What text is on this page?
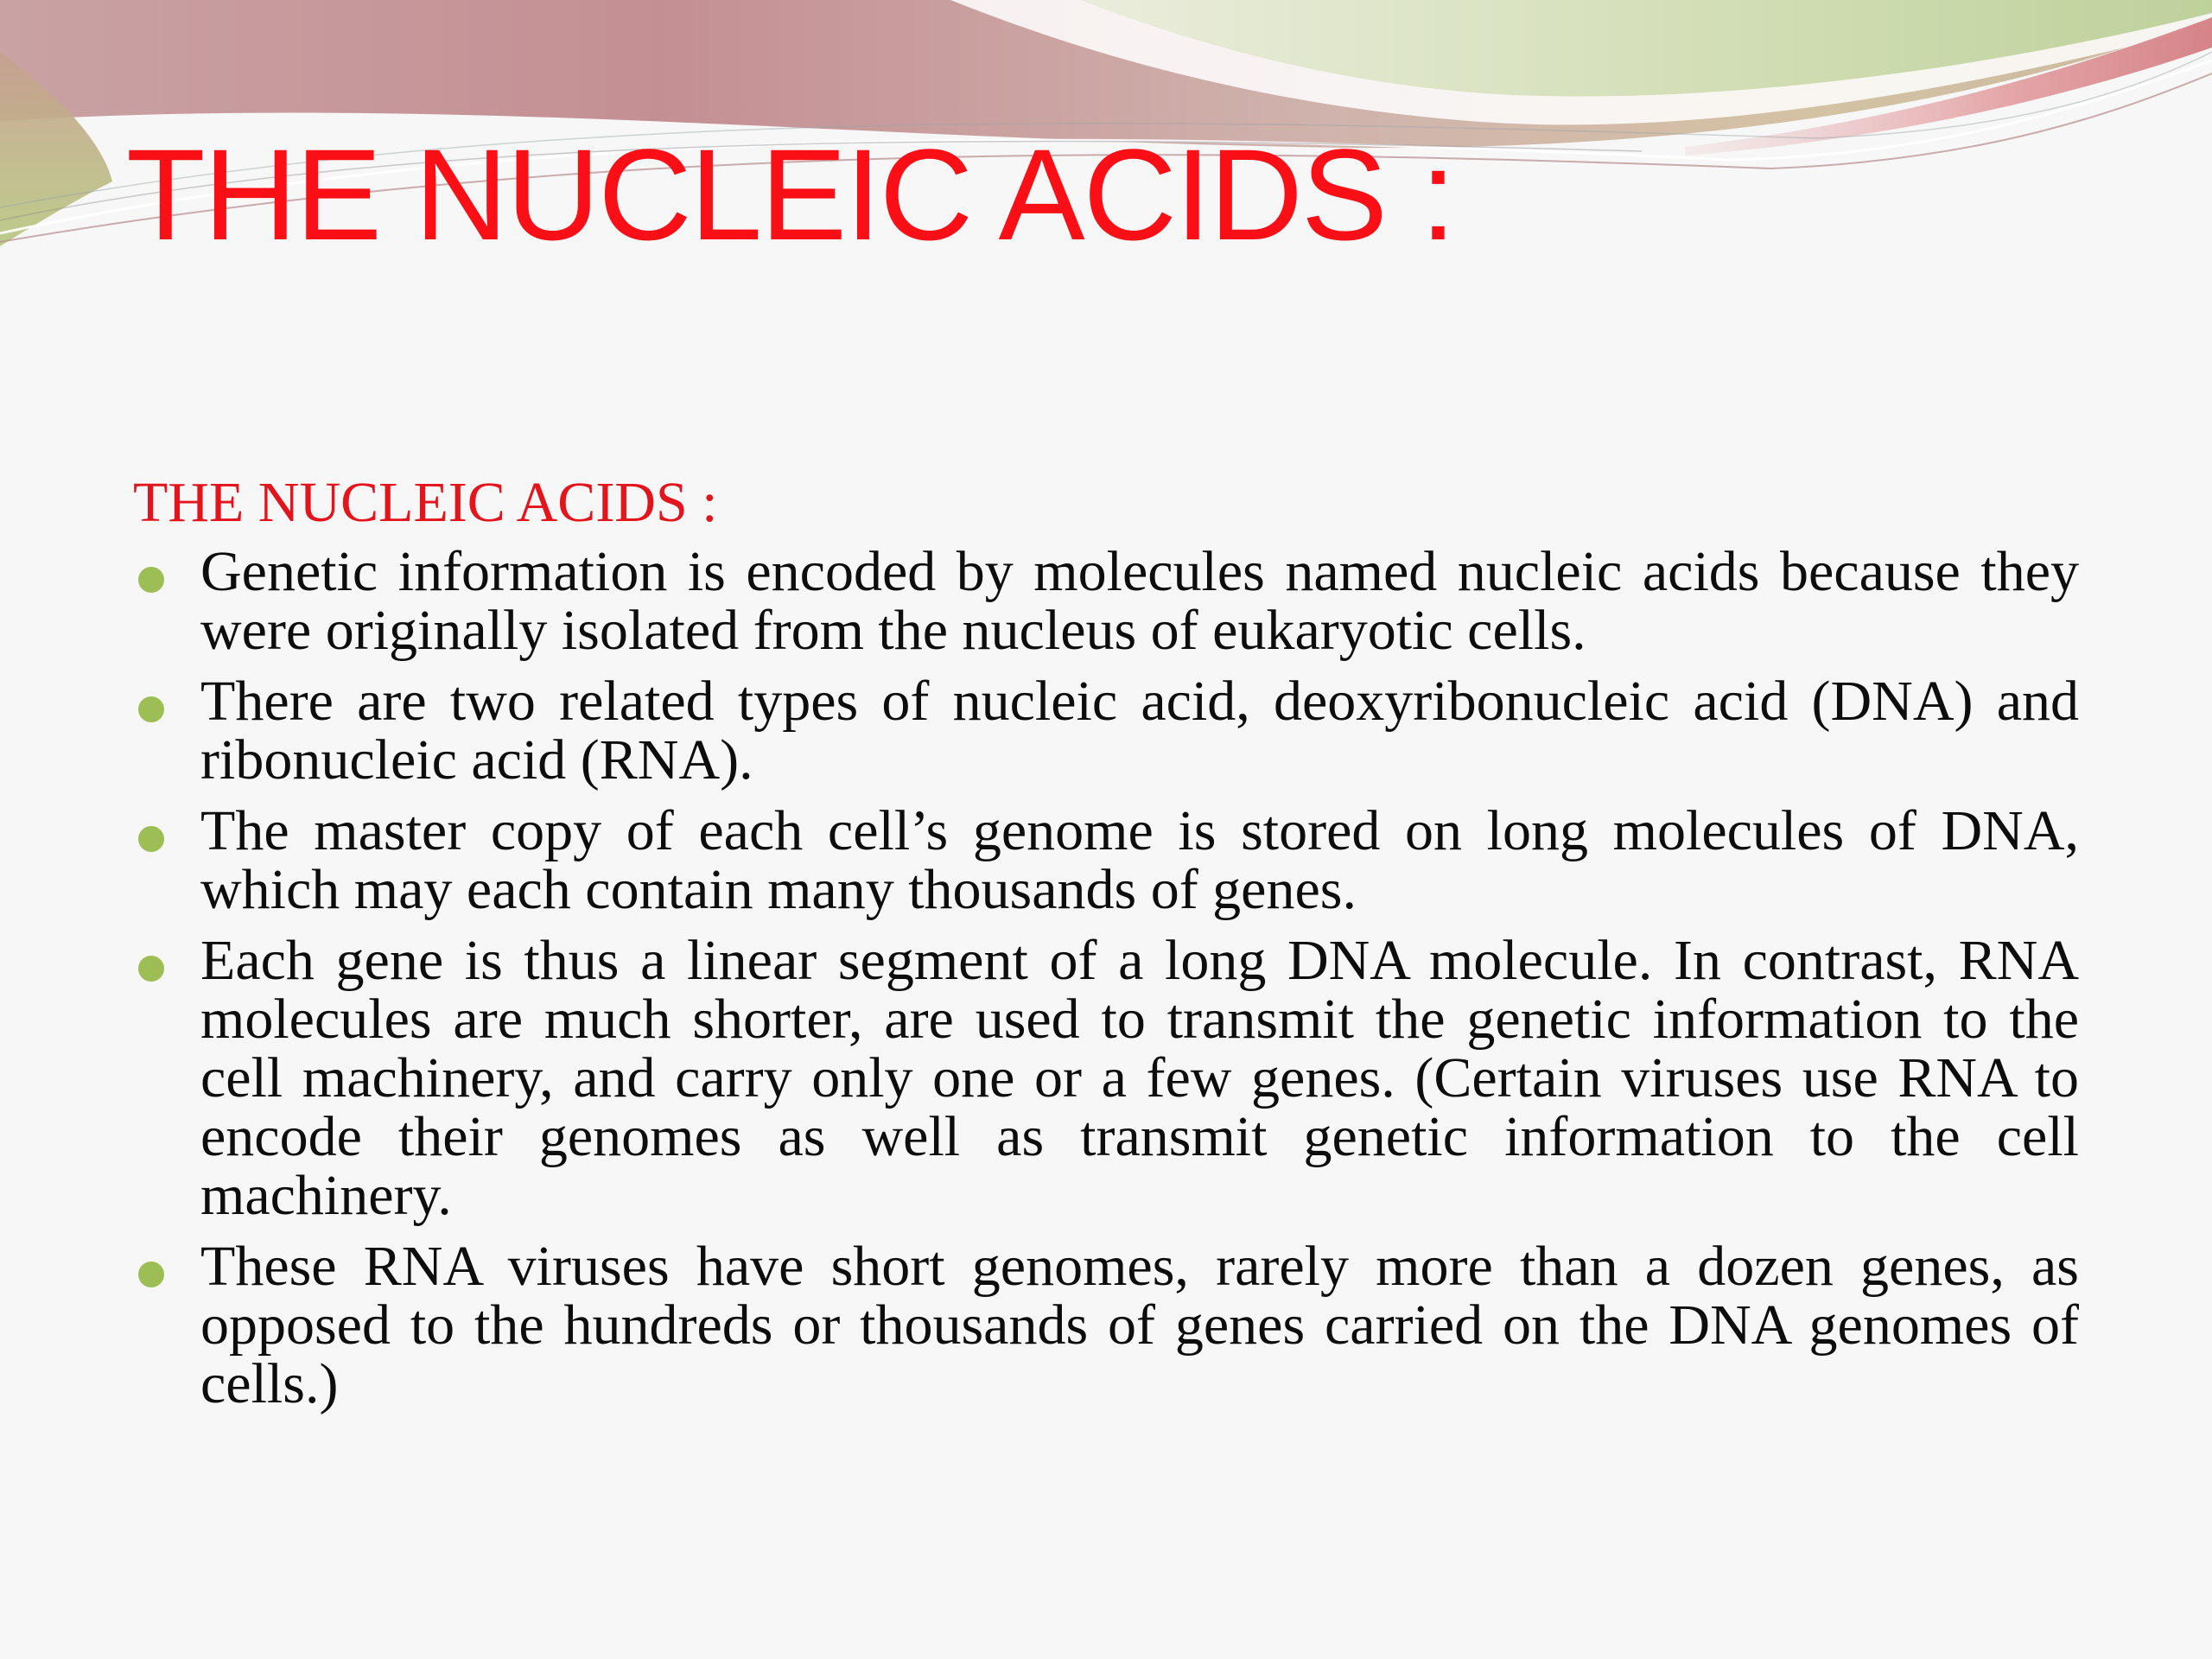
THE NUCLEIC ACIDS :
THE NUCLEIC ACIDS :
Genetic information is encoded by molecules named nucleic acids because they were originally isolated from the nucleus of eukaryotic cells.
There are two related types of nucleic acid, deoxyribonucleic acid (DNA) and ribonucleic acid (RNA).
The master copy of each cell’s genome is stored on long molecules of DNA, which may each contain many thousands of genes.
Each gene is thus a linear segment of a long DNA molecule. In contrast, RNA molecules are much shorter, are used to transmit the genetic information to the cell machinery, and carry only one or a few genes. (Certain viruses use RNA to encode their genomes as well as transmit genetic information to the cell machinery.
These RNA viruses have short genomes, rarely more than a dozen genes, as opposed to the hundreds or thousands of genes carried on the DNA genomes of cells.)
